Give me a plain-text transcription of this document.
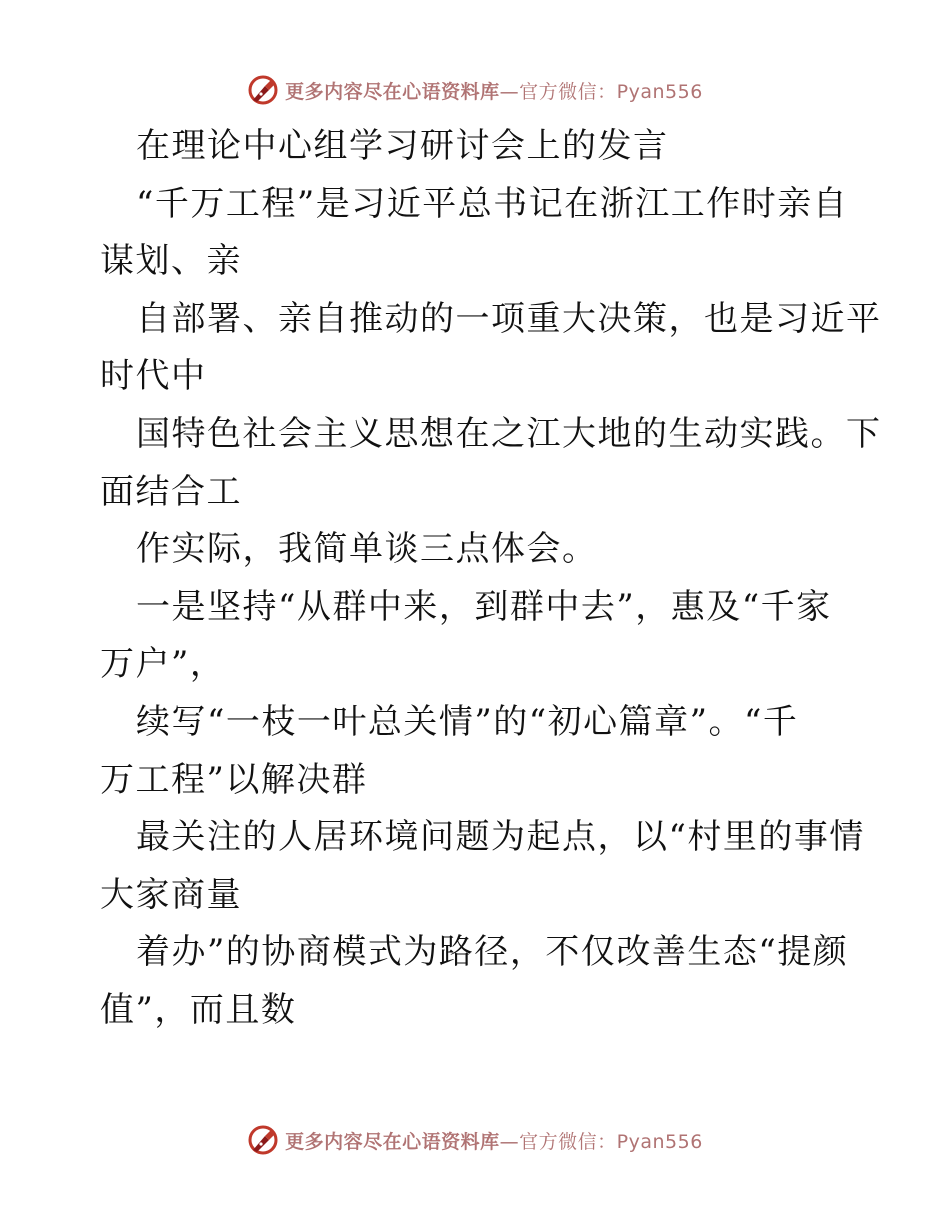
更多内容尽在心语资料库—官方微信：Pyan556
在理论中心组学习研讨会上的发言
“千万工程”是习近平总书记在浙江工作时亲自
谋划、亲
自部署、亲自推动的一项重大决策，也是习近平
时代中
国特色社会主义思想在之江大地的生动实践。下
面结合工
作实际，我简单谈三点体会。
一是坚持“从群中来，到群中去”，惠及“千家
万户”，
续写“一枝一叶总关情”的“初心篇章”。“千
万工程”以解决群
最关注的人居环境问题为起点，以“村里的事情
大家商量
着办”的协商模式为路径，不仅改善生态“提颜
值”，而且数
更多内容尽在心语资料库—官方微信：Pyan556
